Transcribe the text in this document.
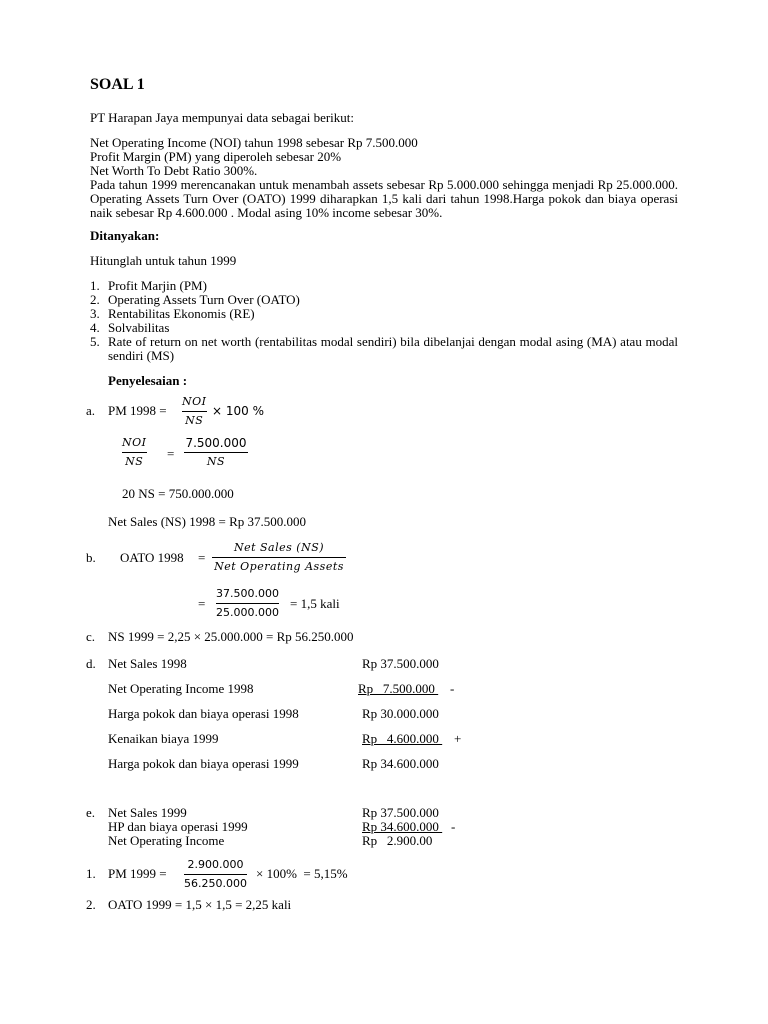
SOAL 1
PT Harapan Jaya mempunyai data sebagai berikut:
Net Operating Income (NOI) tahun 1998 sebesar Rp 7.500.000
Profit Margin (PM) yang diperoleh sebesar 20%
Net Worth To Debt Ratio 300%.
Pada tahun 1999 merencanakan untuk menambah assets sebesar Rp 5.000.000 sehingga menjadi Rp 25.000.000. Operating Assets Turn Over (OATO) 1999 diharapkan 1,5 kali dari tahun 1998.Harga pokok dan biaya operasi naik sebesar Rp 4.600.000 . Modal asing 10% income sebesar 30%.
Ditanyakan:
Hitunglah untuk tahun 1999
1. Profit Marjin (PM)
2. Operating Assets Turn Over (OATO)
3. Rentabilitas Ekonomis (RE)
4. Solvabilitas
5. Rate of return on net worth (rentabilitas modal sendiri) bila dibelanjai dengan modal asing (MA) atau modal sendiri (MS)
Penyelesaian :
a. PM 1998 =
NOI
NS
× 100 %
NOI
NS
=
7.500.000
NS
20 NS = 750.000.000
Net Sales (NS) 1998 = Rp 37.500.000
b. OATO 1998 =
Net Sales (NS)
Net Operating Assets
=
37.500.000
25.000.000
= 1,5 kali
c. NS 1999 = 2,25 × 25.000.000 = Rp 56.250.000
d. Net Sales 1998	Rp 37.500.000
Net Operating Income 1998	Rp   7.500.000 -
Harga pokok dan biaya operasi 1998	Rp 30.000.000
Kenaikan biaya 1999	Rp   4.600.000 +
Harga pokok dan biaya operasi 1999	Rp 34.600.000
e. Net Sales 1999	Rp 37.500.000
HP dan biaya operasi 1999	Rp 34.600.000 -
Net Operating Income	Rp   2.900.00
1. PM 1999 =
2.900.000
56.250.000
× 100%  = 5,15%
2. OATO 1999 = 1,5 × 1,5 = 2,25 kali
